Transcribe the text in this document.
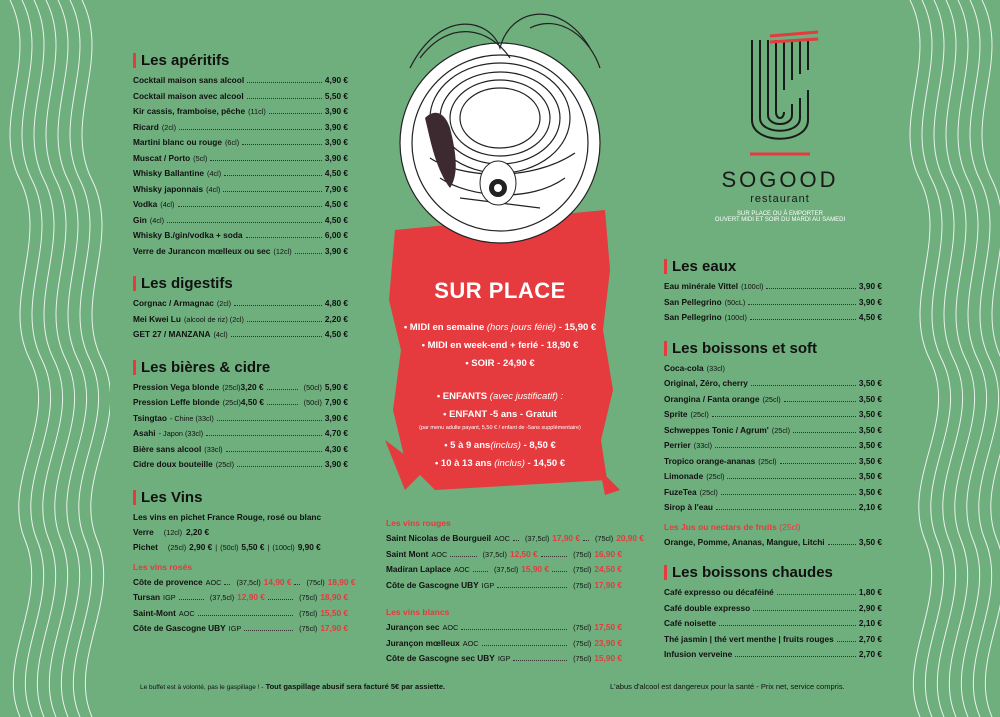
SUR PLACE
• MIDI en semaine (hors jours férié) - 15,90 €
• MIDI en week-end + ferié - 18,90 €
• SOIR - 24,90 €
• ENFANTS (avec justificatif) :
• ENFANT -5 ans - Gratuit
(par menu adulte payant, 5,50 € / enfant de -5ans supplémentaire)
• 5 à 9 ans(inclus) - 8,50 €
• 10 à 13 ans (inclus) - 14,50 €
SOGOOD
restaurant
SUR PLACE OU À EMPORTER
OUVERT MIDI ET SOIR DU MARDI AU SAMEDI
Les apéritifs
Cocktail maison sans alcool	4,90 €
Cocktail maison avec alcool	5,50 €
Kir cassis, framboise, pêche (11cl)	3,90 €
Ricard (2cl)	3,90 €
Martini blanc ou rouge (6cl)	3,90 €
Muscat / Porto (5cl)	3,90 €
Whisky Ballantine (4cl)	4,50 €
Whisky japonnais (4cl)	7,90 €
Vodka (4cl)	4,50 €
Gin (4cl)	4,50 €
Whisky B./gin/vodka + soda	6,00 €
Verre de Jurancon mœlleux ou sec (12cl)	3,90 €
Les digestifs
Corgnac / Armagnac (2cl)	4,80 €
Mei Kwei Lu (alcool de riz) (2cl)	2,20 €
GET 27 / MANZANA (4cl)	4,50 €
Les bières & cidre
Pression Vega blonde (25cl) 3,20 €	(50cl) 5,90 €
Pression Leffe blonde (25cl) 4,50 €	(50cl) 7,90 €
Tsingtao - Chine (33cl)	3,90 €
Asahi - Japon (33cl)	4,70 €
Bière sans alcool (33cl)	4,30 €
Cidre doux bouteille (25cl)	3,90 €
Les Vins
Les vins en pichet France Rouge, rosé ou blanc
Verre (12cl) 2,20 €
Pichet (25cl) 2,90 € | (50cl) 5,50 € | (100cl) 9,90 €
Les vins rosés
Côte de provence AOC (37,5cl) 14,90 € (75cl) 18,90 €
Tursan IGP	(37,5cl) 12,90 €	(75cl) 18,90 €
Saint-Mont AOC	(75cl) 15,50 €
Côte de Gascogne UBY IGP	(75cl) 17,90 €
Les vins rouges
Saint Nicolas de Bourgueil AOC (37,5cl) 17,90 € (75cl) 20,90 €
Saint Mont AOC	(37,5cl) 12,50 €	(75cl) 16,90 €
Madiran Laplace AOC	(37,5cl) 15,90 €	(75cl) 24,50 €
Côte de Gascogne UBY IGP	(75cl) 17,90 €
Les vins blancs
Jurançon sec AOC	(75cl) 17,50 €
Jurançon mœlleux AOC	(75cl) 23,90 €
Côte de Gascogne sec UBY IGP	(75cl) 15,90 €
Les eaux
Eau minérale Vittel (100cl)	3,90 €
San Pellegrino (50cL)	3,90 €
San Pellegrino (100cl)	4,50 €
Les boissons et soft
Coca-cola (33cl)
Original, Zéro, cherry	3,50 €
Orangina / Fanta orange (25cl)	3,50 €
Sprite (25cl)	3,50 €
Schweppes Tonic / Agrum' (25cl)	3,50 €
Perrier (33cl)	3,50 €
Tropico orange-ananas (25cl)	3,50 €
Limonade (25cl)	3,50 €
FuzeTea (25cl)	3,50 €
Sirop à l'eau	2,10 €
Les Jus ou nectars de fruits (25cl)
Orange, Pomme, Ananas, Mangue, Litchi	3,50 €
Les boissons chaudes
Café expresso ou décaféiné	1,80 €
Café double expresso	2,90 €
Café noisette	2,10 €
Thé jasmin | thé vert menthe | fruits rouges	2,70 €
Infusion verveine	2,70 €
Le buffet est à volonté, pas le gaspillage ! - Tout gaspillage abusif sera facturé 5€ par assiette.	L'abus d'alcool est dangereux pour la santé - Prix net, service compris.
